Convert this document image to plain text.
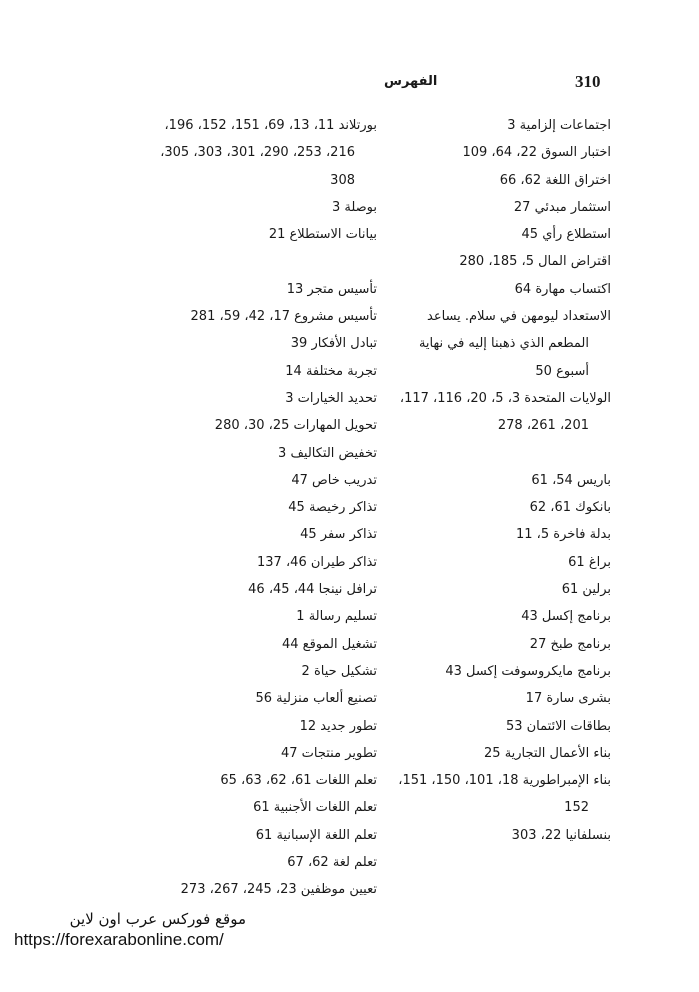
310
الفهرس
اجتماعات إلزامية 3
اختبار السوق 22، 64، 109
اختراق اللغة 62، 66
استثمار مبدئي 27
استطلاع رأي 45
اقتراض المال 5، 185، 280
اكتساب مهارة 64
الاستعداد ليومهن في سلام. يساعد
المطعم الذي ذهبنا إليه في نهاية
أسبوع 50
الولايات المتحدة 3، 5، 20، 116، 117،
201، 261، 278
باريس 54، 61
بانكوك 61، 62
بدلة فاخرة 5، 11
براغ 61
برلين 61
برنامج إكسل 43
برنامج طبخ 27
برنامج مايكروسوفت إكسل 43
بشرى سارة 17
بطاقات الائتمان 53
بناء الأعمال التجارية 25
بناء الإمبراطورية 18، 101، 150، 151،
152
بنسلفانيا 22، 303
بورتلاند 11، 13، 69، 151، 152، 196،
216، 253، 290، 301، 303، 305،
308
بوصلة 3
بيانات الاستطلاع 21
تأسيس متجر 13
تأسيس مشروع 17، 42، 59، 281
تبادل الأفكار 39
تجربة مختلفة 14
تحديد الخيارات 3
تحويل المهارات 25، 30، 280
تخفيض التكاليف 3
تدريب خاص 47
تذاكر رخيصة 45
تذاكر سفر 45
تذاكر طيران 46، 137
ترافل نينجا 44، 45، 46
تسليم رسالة 1
تشغيل الموقع 44
تشكيل حياة 2
تصنيع ألعاب منزلية 56
تطور جديد 12
تطوير منتجات 47
تعلم اللغات 61، 62، 63، 65
تعلم اللغات الأجنبية 61
تعلم اللغة الإسبانية 61
تعلم لغة 62، 67
تعيين موظفين 23، 245، 267، 273
موقع فوركس عرب اون لاين
https://forexarabonline.com/
